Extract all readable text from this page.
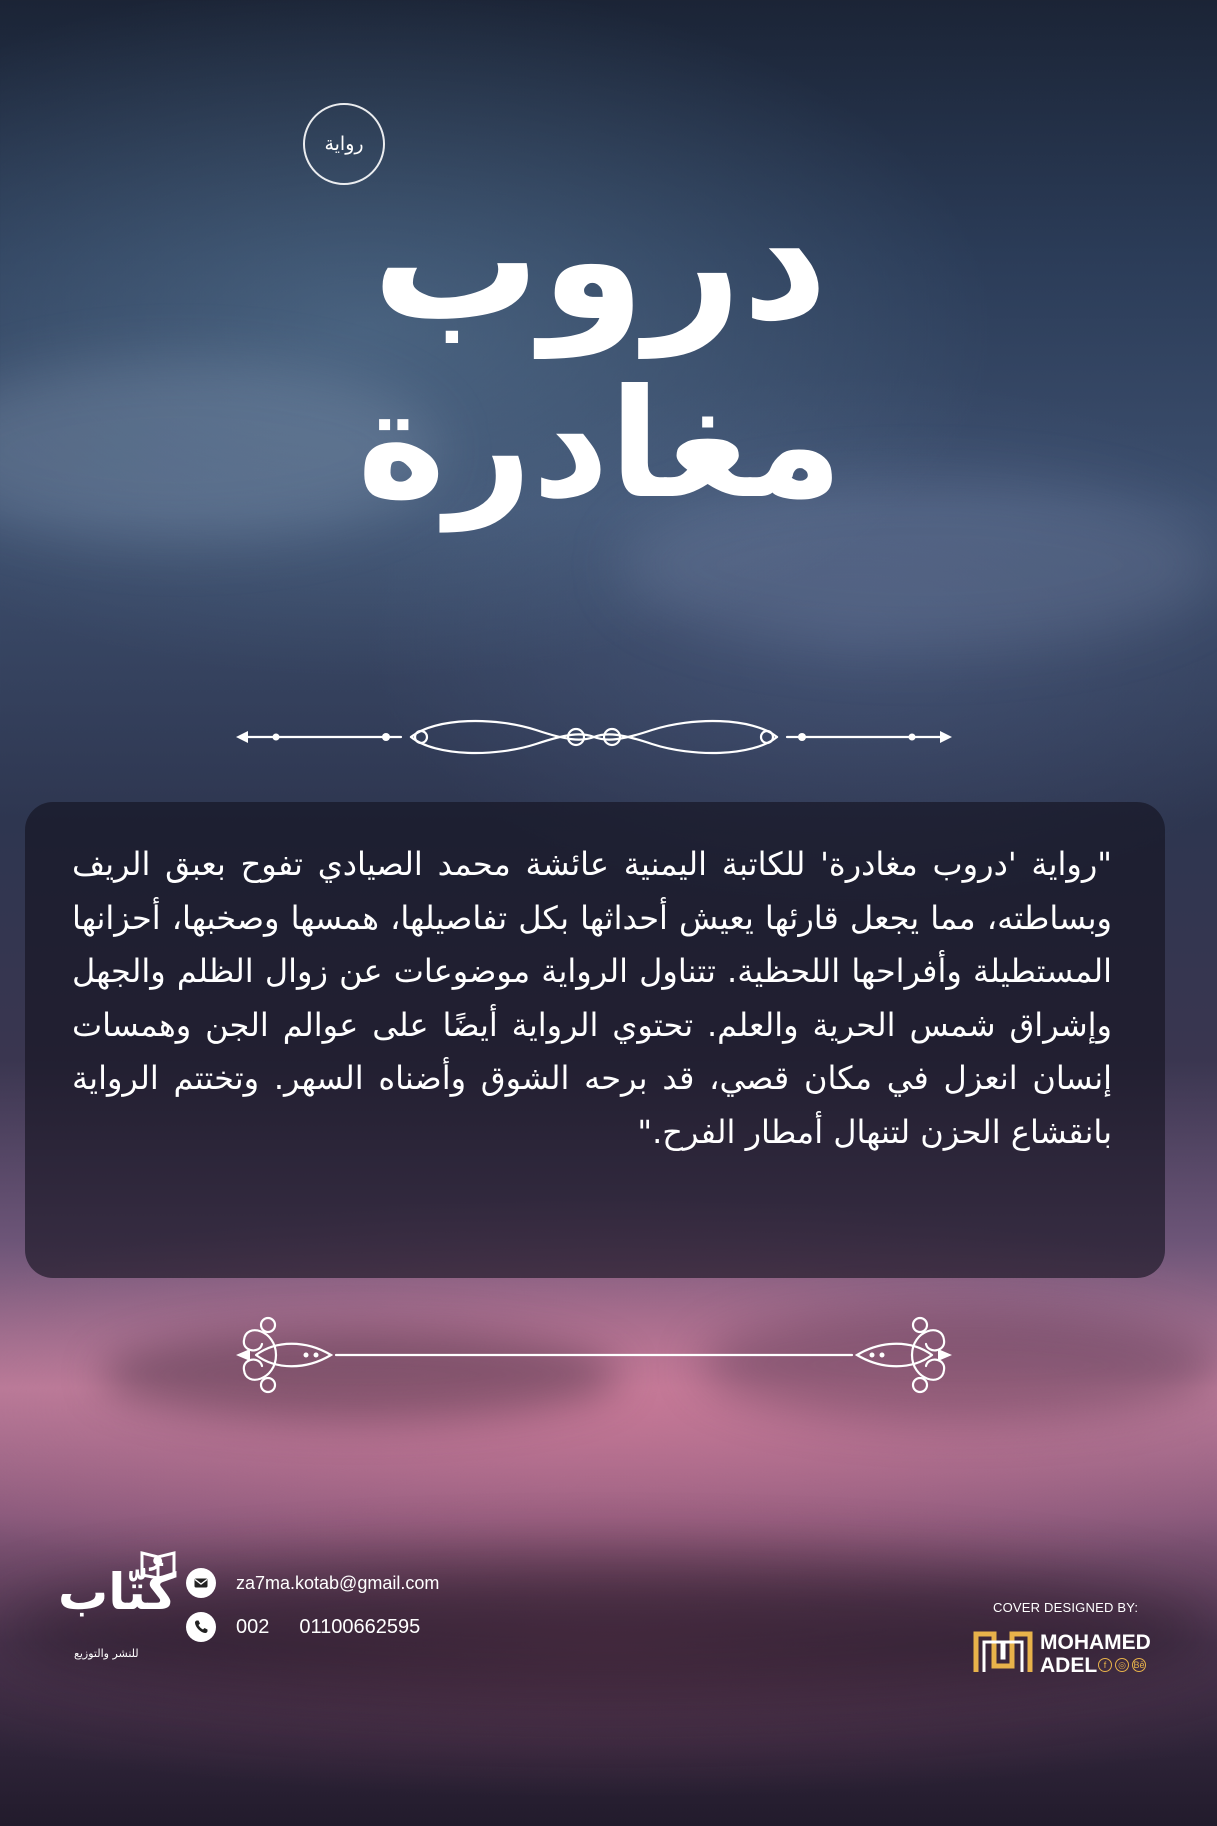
رواية
دروب
مغادرة
"رواية 'دروب مغادرة' للكاتبة اليمنية عائشة محمد الصيادي تفوح بعبق الريف وبساطته، مما يجعل قارئها يعيش أحداثها بكل تفاصيلها، همسها وصخبها، أحزانها المستطيلة وأفراحها اللحظية. تتناول الرواية موضوعات عن زوال الظلم والجهل وإشراق شمس الحرية والعلم. تحتوي الرواية أيضًا على عوالم الجن وهمسات إنسان انعزل في مكان قصي، قد برحه الشوق وأضناه السهر. وتختتم الرواية بانقشاع الحزن لتنهال أمطار الفرح."
كُتّاب
للنشر والتوزيع
za7ma.kotab@gmail.com
002 01100662595
COVER DESIGNED BY:
MOHAMED
ADEL f	◎ Bē
